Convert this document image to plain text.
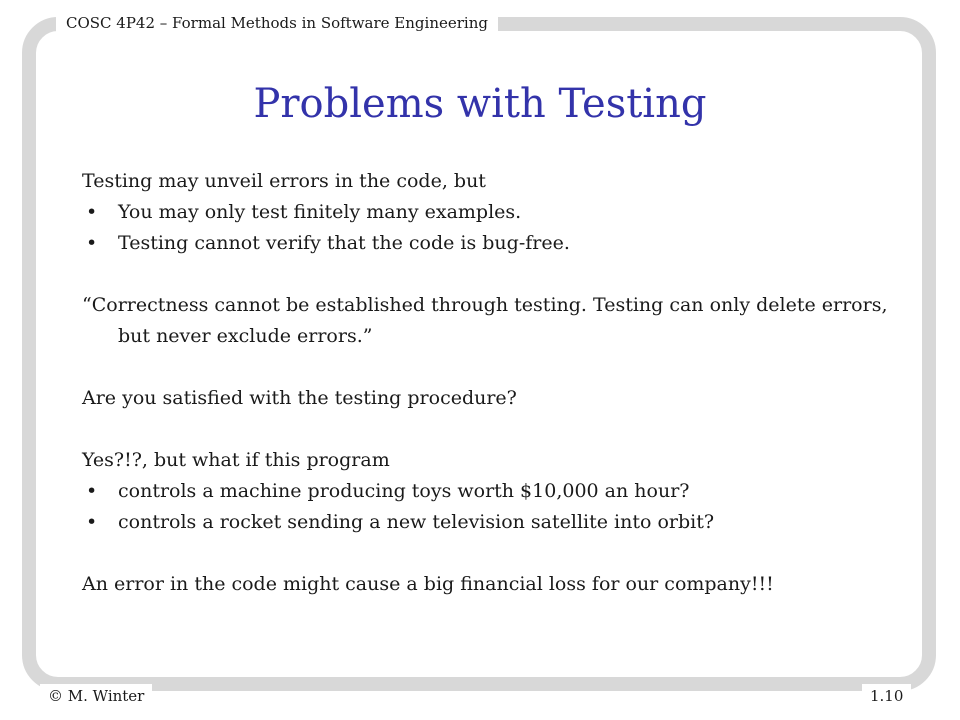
COSC 4P42 – Formal Methods in Software Engineering
Problems with Testing

Testing may unveil errors in the code, but

• You may only test finitely many examples.

• Testing cannot verify that the code is bug-free.

“Correctness cannot be established through testing. Testing can only delete errors, but never exclude errors.”

Are you satisfied with the testing procedure?

Yes?!?, but what if this program

• controls a machine producing toys worth $10,000 an hour?

• controls a rocket sending a new television satellite into orbit?

An error in the code might cause a big financial loss for our company!!!

© M. Winter	1.10
